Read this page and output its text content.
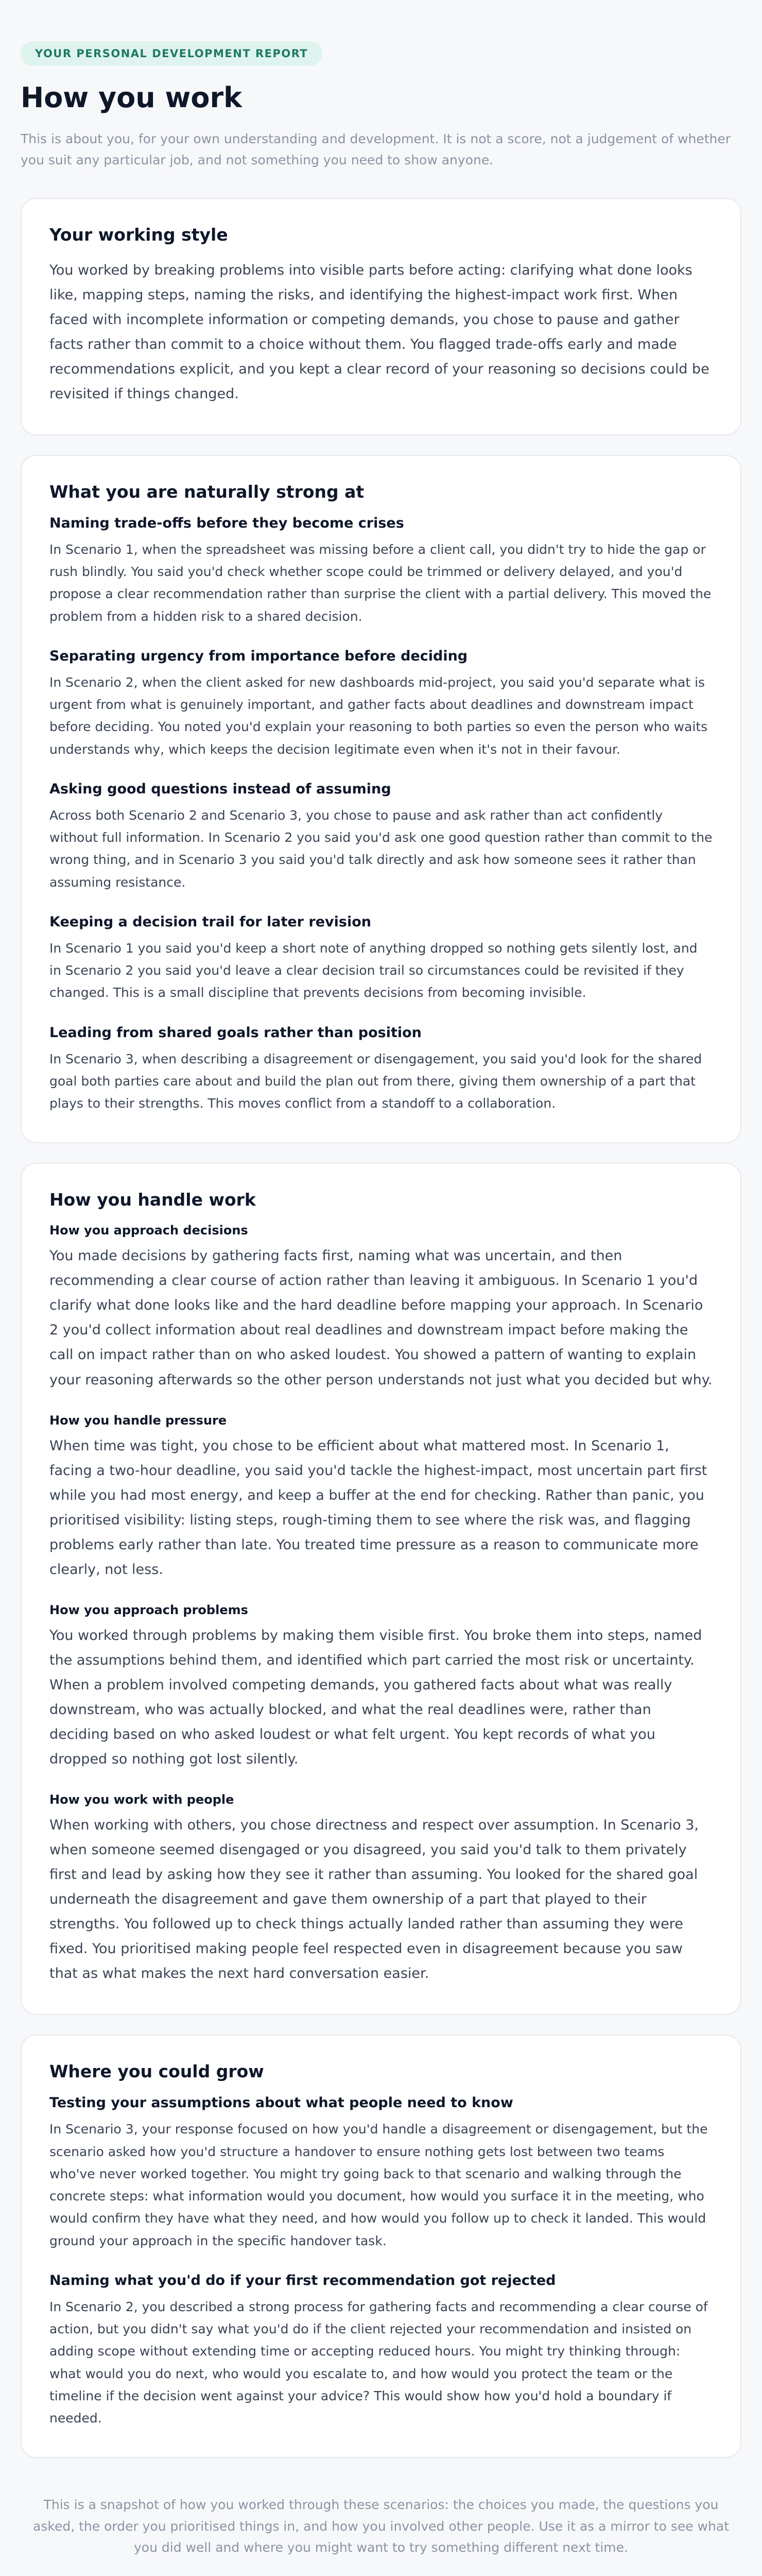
YOUR PERSONAL DEVELOPMENT REPORT
How you work

This is about you, for your own understanding and development. It is not a score, not a judgement of whether you suit any particular job, and not something you need to show anyone.

Your working style

You worked by breaking problems into visible parts before acting: clarifying what done looks like, mapping steps, naming the risks, and identifying the highest-impact work first. When faced with incomplete information or competing demands, you chose to pause and gather facts rather than commit to a choice without them. You flagged trade-offs early and made recommendations explicit, and you kept a clear record of your reasoning so decisions could be revisited if things changed.

What you are naturally strong at
Naming trade-offs before they become crises

In Scenario 1, when the spreadsheet was missing before a client call, you didn't try to hide the gap or rush blindly. You said you'd check whether scope could be trimmed or delivery delayed, and you'd propose a clear recommendation rather than surprise the client with a partial delivery. This moved the problem from a hidden risk to a shared decision.

Separating urgency from importance before deciding

In Scenario 2, when the client asked for new dashboards mid-project, you said you'd separate what is urgent from what is genuinely important, and gather facts about deadlines and downstream impact before deciding. You noted you'd explain your reasoning to both parties so even the person who waits understands why, which keeps the decision legitimate even when it's not in their favour.

Asking good questions instead of assuming

Across both Scenario 2 and Scenario 3, you chose to pause and ask rather than act confidently without full information. In Scenario 2 you said you'd ask one good question rather than commit to the wrong thing, and in Scenario 3 you said you'd talk directly and ask how someone sees it rather than assuming resistance.

Keeping a decision trail for later revision

In Scenario 1 you said you'd keep a short note of anything dropped so nothing gets silently lost, and in Scenario 2 you said you'd leave a clear decision trail so circumstances could be revisited if they changed. This is a small discipline that prevents decisions from becoming invisible.

Leading from shared goals rather than position

In Scenario 3, when describing a disagreement or disengagement, you said you'd look for the shared goal both parties care about and build the plan out from there, giving them ownership of a part that plays to their strengths. This moves conflict from a standoff to a collaboration.

How you handle work
How you approach decisions

You made decisions by gathering facts first, naming what was uncertain, and then recommending a clear course of action rather than leaving it ambiguous. In Scenario 1 you'd clarify what done looks like and the hard deadline before mapping your approach. In Scenario 2 you'd collect information about real deadlines and downstream impact before making the call on impact rather than on who asked loudest. You showed a pattern of wanting to explain your reasoning afterwards so the other person understands not just what you decided but why.

How you handle pressure

When time was tight, you chose to be efficient about what mattered most. In Scenario 1, facing a two-hour deadline, you said you'd tackle the highest-impact, most uncertain part first while you had most energy, and keep a buffer at the end for checking. Rather than panic, you prioritised visibility: listing steps, rough-timing them to see where the risk was, and flagging problems early rather than late. You treated time pressure as a reason to communicate more clearly, not less.

How you approach problems

You worked through problems by making them visible first. You broke them into steps, named the assumptions behind them, and identified which part carried the most risk or uncertainty. When a problem involved competing demands, you gathered facts about what was really downstream, who was actually blocked, and what the real deadlines were, rather than deciding based on who asked loudest or what felt urgent. You kept records of what you dropped so nothing got lost silently.

How you work with people

When working with others, you chose directness and respect over assumption. In Scenario 3, when someone seemed disengaged or you disagreed, you said you'd talk to them privately first and lead by asking how they see it rather than assuming. You looked for the shared goal underneath the disagreement and gave them ownership of a part that played to their strengths. You followed up to check things actually landed rather than assuming they were fixed. You prioritised making people feel respected even in disagreement because you saw that as what makes the next hard conversation easier.

Where you could grow
Testing your assumptions about what people need to know

In Scenario 3, your response focused on how you'd handle a disagreement or disengagement, but the scenario asked how you'd structure a handover to ensure nothing gets lost between two teams who've never worked together. You might try going back to that scenario and walking through the concrete steps: what information would you document, how would you surface it in the meeting, who would confirm they have what they need, and how would you follow up to check it landed. This would ground your approach in the specific handover task.

Naming what you'd do if your first recommendation got rejected

In Scenario 2, you described a strong process for gathering facts and recommending a clear course of action, but you didn't say what you'd do if the client rejected your recommendation and insisted on adding scope without extending time or accepting reduced hours. You might try thinking through: what would you do next, who would you escalate to, and how would you protect the team or the timeline if the decision went against your advice? This would show how you'd hold a boundary if needed.

This is a snapshot of how you worked through these scenarios: the choices you made, the questions you asked, the order you prioritised things in, and how you involved other people. Use it as a mirror to see what you did well and where you might want to try something different next time.
